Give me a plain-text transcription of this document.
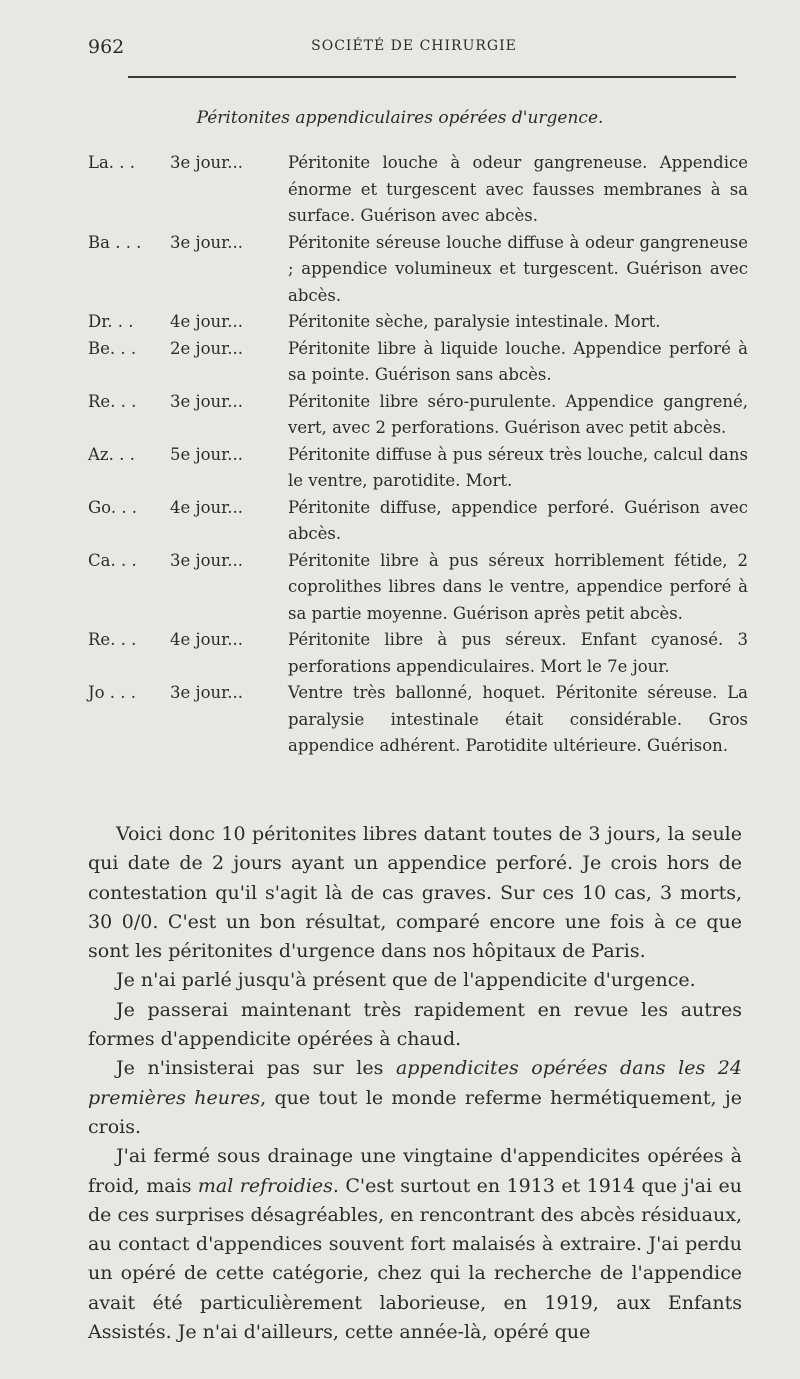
962	SOCIÉTÉ DE CHIRURGIE
Péritonites appendiculaires opérées d'urgence.
La. . .	3e jour...	Péritonite louche à odeur gangreneuse. Appendice énorme et turgescent avec fausses membranes à sa surface. Guérison avec abcès.
Ba . . .	3e jour...	Péritonite séreuse louche diffuse à odeur gangreneuse ; appendice volumineux et turgescent. Guérison avec abcès.
Dr. . .	4e jour...	Péritonite sèche, paralysie intestinale. Mort.
Be. . .	2e jour...	Péritonite libre à liquide louche. Appendice perforé à sa pointe. Guérison sans abcès.
Re. . .	3e jour...	Péritonite libre séro-purulente. Appendice gangrené, vert, avec 2 perforations. Guérison avec petit abcès.
Az. . .	5e jour...	Péritonite diffuse à pus séreux très louche, calcul dans le ventre, parotidite. Mort.
Go. . .	4e jour...	Péritonite diffuse, appendice perforé. Guérison avec abcès.
Ca. . .	3e jour...	Péritonite libre à pus séreux horriblement fétide, 2 coprolithes libres dans le ventre, appendice perforé à sa partie moyenne. Guérison après petit abcès.
Re. . .	4e jour...	Péritonite libre à pus séreux. Enfant cyanosé. 3 perforations appendiculaires. Mort le 7e jour.
Jo . . .	3e jour...	Ventre très ballonné, hoquet. Péritonite séreuse. La paralysie intestinale était considérable. Gros appendice adhérent. Parotidite ultérieure. Guérison.

Voici donc 10 péritonites libres datant toutes de 3 jours, la seule qui date de 2 jours ayant un appendice perforé. Je crois hors de contestation qu'il s'agit là de cas graves. Sur ces 10 cas, 3 morts, 30 0/0. C'est un bon résultat, comparé encore une fois à ce que sont les péritonites d'urgence dans nos hôpitaux de Paris.

Je n'ai parlé jusqu'à présent que de l'appendicite d'urgence.

Je passerai maintenant très rapidement en revue les autres formes d'appendicite opérées à chaud.

Je n'insisterai pas sur les appendicites opérées dans les 24 premières heures, que tout le monde referme hermétiquement, je crois.

J'ai fermé sous drainage une vingtaine d'appendicites opérées à froid, mais mal refroidies. C'est surtout en 1913 et 1914 que j'ai eu de ces surprises désagréables, en rencontrant des abcès résiduaux, au contact d'appendices souvent fort malaisés à extraire. J'ai perdu un opéré de cette catégorie, chez qui la recherche de l'appendice avait été particulièrement laborieuse, en 1919, aux Enfants Assistés. Je n'ai d'ailleurs, cette année-là, opéré que
